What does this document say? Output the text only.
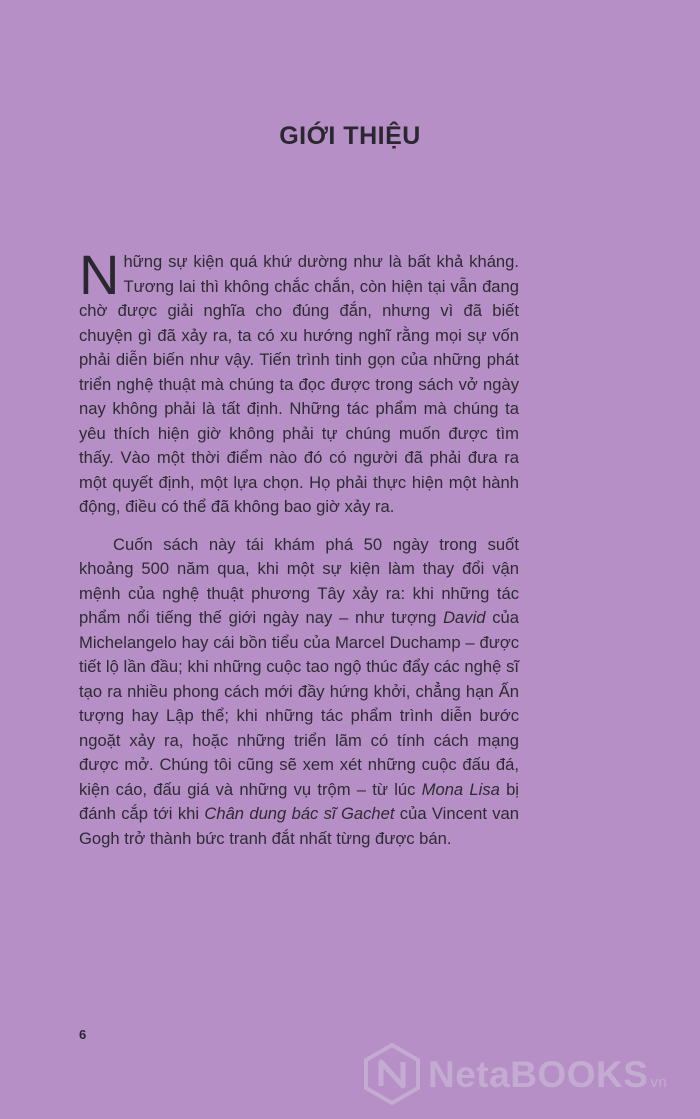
GIỚI THIỆU

Những sự kiện quá khứ dường như là bất khả kháng. Tương lai thì không chắc chắn, còn hiện tại vẫn đang chờ được giải nghĩa cho đúng đắn, nhưng vì đã biết chuyện gì đã xảy ra, ta có xu hướng nghĩ rằng mọi sự vốn phải diễn biến như vậy. Tiến trình tinh gọn của những phát triển nghệ thuật mà chúng ta đọc được trong sách vở ngày nay không phải là tất định. Những tác phẩm mà chúng ta yêu thích hiện giờ không phải tự chúng muốn được tìm thấy. Vào một thời điểm nào đó có người đã phải đưa ra một quyết định, một lựa chọn. Họ phải thực hiện một hành động, điều có thể đã không bao giờ xảy ra.

Cuốn sách này tái khám phá 50 ngày trong suốt khoảng 500 năm qua, khi một sự kiện làm thay đổi vận mệnh của nghệ thuật phương Tây xảy ra: khi những tác phẩm nổi tiếng thế giới ngày nay – như tượng David của Michelangelo hay cái bồn tiểu của Marcel Duchamp – được tiết lộ lần đầu; khi những cuộc tao ngộ thúc đẩy các nghệ sĩ tạo ra nhiều phong cách mới đầy hứng khởi, chẳng hạn Ấn tượng hay Lập thể; khi những tác phẩm trình diễn bước ngoặt xảy ra, hoặc những triển lãm có tính cách mạng được mở. Chúng tôi cũng sẽ xem xét những cuộc đấu đá, kiện cáo, đấu giá và những vụ trộm – từ lúc Mona Lisa bị đánh cắp tới khi Chân dung bác sĩ Gachet của Vincent van Gogh trở thành bức tranh đắt nhất từng được bán.

6
NetaBOOKS vn
